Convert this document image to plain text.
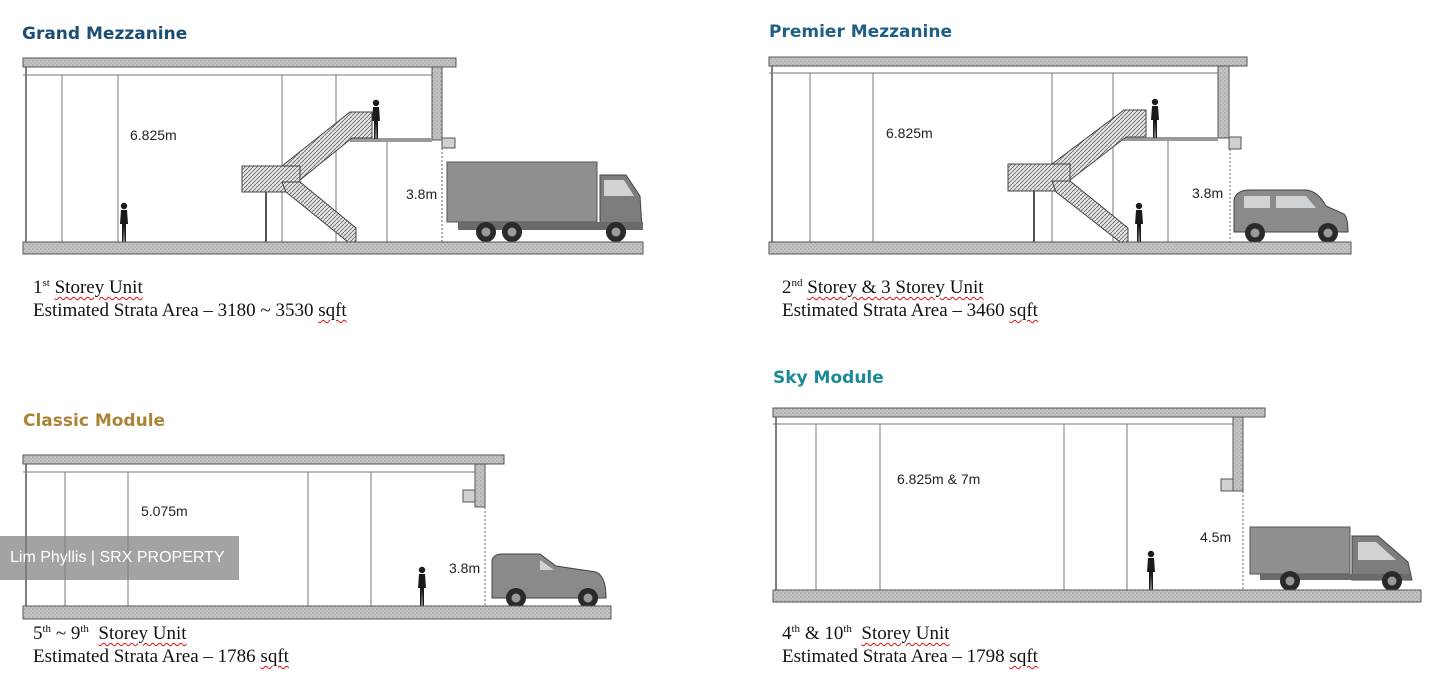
Grand Mezzanine	Premier Mezzanine
Classic Module
Sky Module
6.825m
3.8m
6.825m
3.8m
5.075m
3.8m
6.825m & 7m
4.5m
1st Storey Unit
Estimated Strata Area – 3180 ~ 3530 sqft
2nd Storey & 3 Storey Unit
Estimated Strata Area – 3460 sqft
5th ~ 9th Storey Unit
Estimated Strata Area – 1786 sqft
4th & 10th Storey Unit
Estimated Strata Area – 1798 sqft
Lim Phyllis | SRX PROPERTY
